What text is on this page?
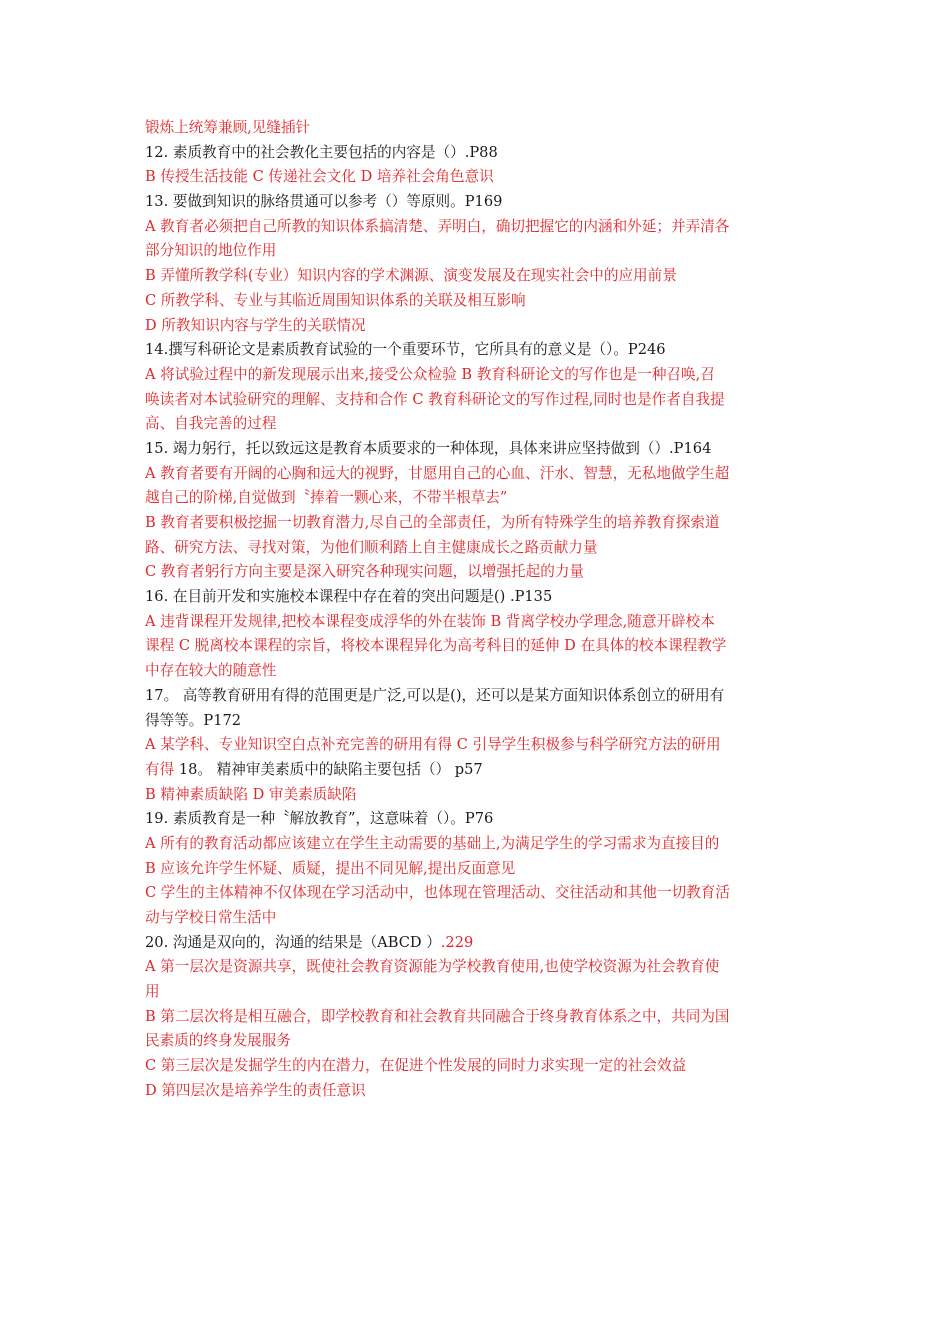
锻炼上统筹兼顾,见缝插针
12. 素质教育中的社会教化主要包括的内容是（）.P88
B 传授生活技能 C 传递社会文化 D 培养社会角色意识
13. 要做到知识的脉络贯通可以参考（）等原则。P169
A 教育者必须把自己所教的知识体系搞清楚、弄明白，确切把握它的内涵和外延；并弄清各
部分知识的地位作用
B 弄懂所教学科(专业）知识内容的学术渊源、演变发展及在现实社会中的应用前景
C 所教学科、专业与其临近周围知识体系的关联及相互影响
D 所教知识内容与学生的关联情况
14.撰写科研论文是素质教育试验的一个重要环节，它所具有的意义是（）。P246
A 将试验过程中的新发现展示出来,接受公众检验 B 教育科研论文的写作也是一种召唤,召
唤读者对本试验研究的理解、支持和合作 C 教育科研论文的写作过程,同时也是作者自我提
高、自我完善的过程
15. 竭力躬行，托以致远这是教育本质要求的一种体现，具体来讲应坚持做到（）.P164
A 教育者要有开阔的心胸和远大的视野，甘愿用自己的心血、汗水、智慧，无私地做学生超
越自己的阶梯,自觉做到〝捧着一颗心来，不带半根草去”
B 教育者要积极挖掘一切教育潜力,尽自己的全部责任，为所有特殊学生的培养教育探索道
路、研究方法、寻找对策，为他们顺利踏上自主健康成长之路贡献力量
C 教育者躬行方向主要是深入研究各种现实问题，以增强托起的力量
16. 在目前开发和实施校本课程中存在着的突出问题是() .P135
A 违背课程开发规律,把校本课程变成浮华的外在装饰 B 背离学校办学理念,随意开辟校本
课程 C 脱离校本课程的宗旨，将校本课程异化为高考科目的延伸 D 在具体的校本课程教学
中存在较大的随意性
17。 高等教育研用有得的范围更是广泛,可以是()，还可以是某方面知识体系创立的研用有
得等等。P172
A 某学科、专业知识空白点补充完善的研用有得 C 引导学生积极参与科学研究方法的研用
有得 18。 精神审美素质中的缺陷主要包括（） p57
B 精神素质缺陷 D 审美素质缺陷
19. 素质教育是一种〝解放教育”，这意味着（）。P76
A 所有的教育活动都应该建立在学生主动需要的基础上,为满足学生的学习需求为直接目的
B 应该允许学生怀疑、质疑，提出不同见解,提出反面意见
C 学生的主体精神不仅体现在学习活动中，也体现在管理活动、交往活动和其他一切教育活
动与学校日常生活中
20. 沟通是双向的，沟通的结果是（ABCD ）.229
A 第一层次是资源共享，既使社会教育资源能为学校教育使用,也使学校资源为社会教育使
用
B 第二层次将是相互融合，即学校教育和社会教育共同融合于终身教育体系之中，共同为国
民素质的终身发展服务
C 第三层次是发掘学生的内在潜力，在促进个性发展的同时力求实现一定的社会效益
D 第四层次是培养学生的责任意识
